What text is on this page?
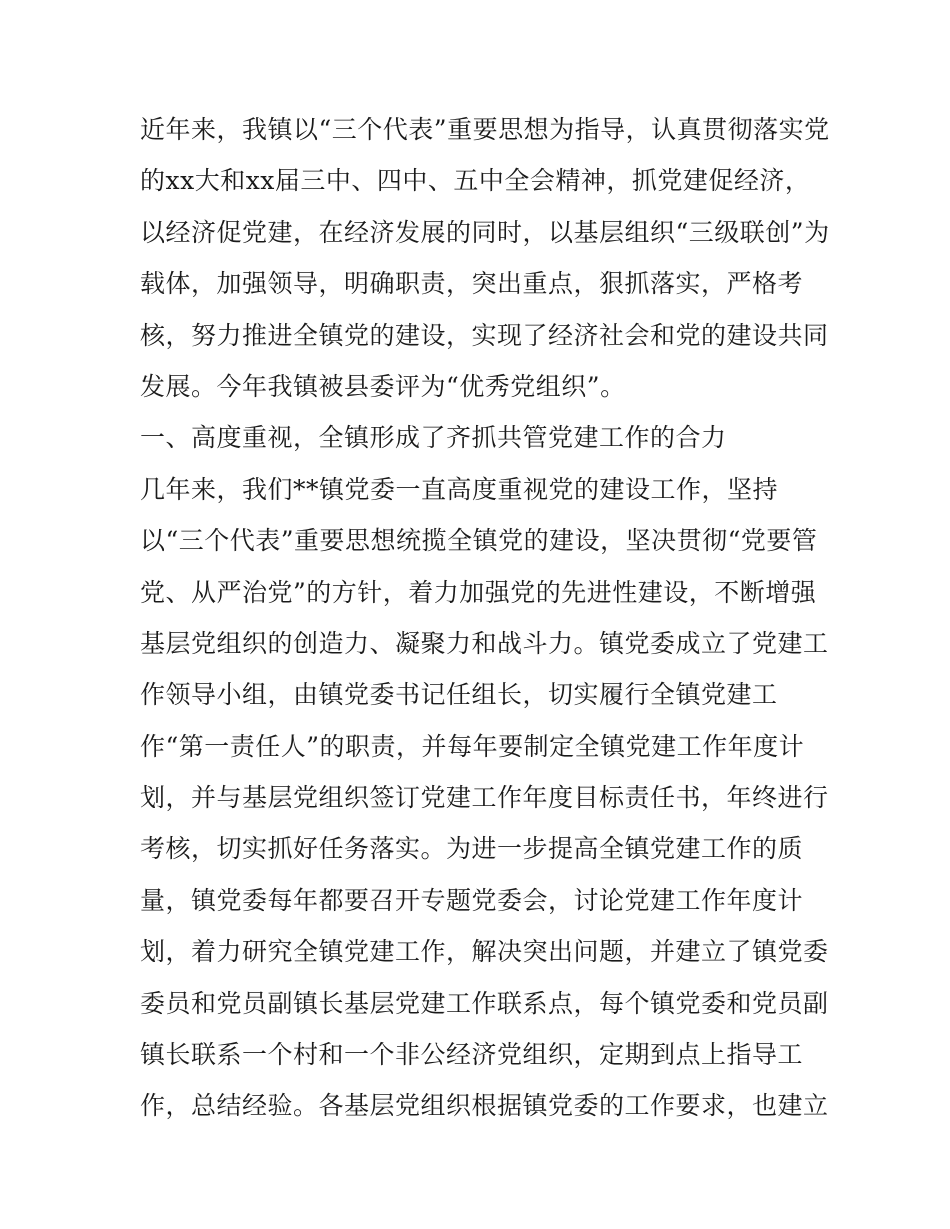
近年来，我镇以“三个代表”重要思想为指导，认真贯彻落实党
的xx大和xx届三中、四中、五中全会精神，抓党建促经济，
以经济促党建，在经济发展的同时，以基层组织“三级联创”为
载体，加强领导，明确职责，突出重点，狠抓落实，严格考
核，努力推进全镇党的建设，实现了经济社会和党的建设共同
发展。今年我镇被县委评为“优秀党组织”。
一、高度重视，全镇形成了齐抓共管党建工作的合力
几年来，我们**镇党委一直高度重视党的建设工作，坚持
以“三个代表”重要思想统揽全镇党的建设，坚决贯彻“党要管
党、从严治党”的方针，着力加强党的先进性建设，不断增强
基层党组织的创造力、凝聚力和战斗力。镇党委成立了党建工
作领导小组，由镇党委书记任组长，切实履行全镇党建工
作“第一责任人”的职责，并每年要制定全镇党建工作年度计
划，并与基层党组织签订党建工作年度目标责任书，年终进行
考核，切实抓好任务落实。为进一步提高全镇党建工作的质
量，镇党委每年都要召开专题党委会，讨论党建工作年度计
划，着力研究全镇党建工作，解决突出问题，并建立了镇党委
委员和党员副镇长基层党建工作联系点，每个镇党委和党员副
镇长联系一个村和一个非公经济党组织，定期到点上指导工
作，总结经验。各基层党组织根据镇党委的工作要求，也建立
